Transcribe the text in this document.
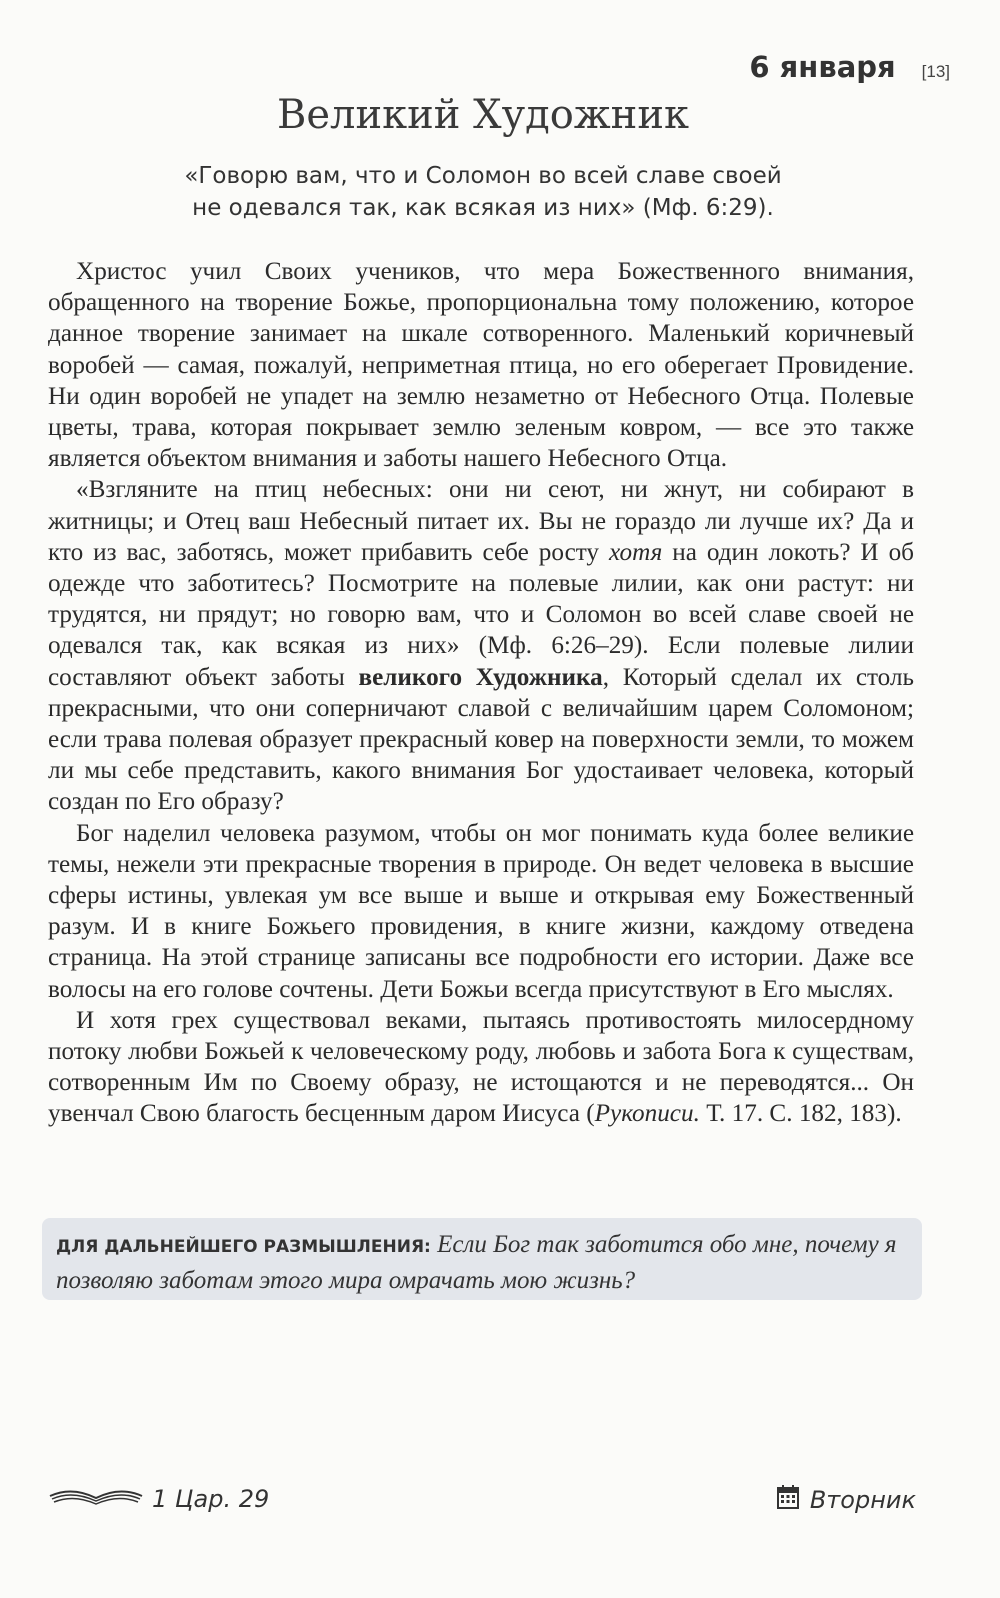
6 января [13]
Великий Художник
«Говорю вам, что и Соломон во всей славе своей
не одевался так, как всякая из них» (Мф. 6:29).

Христос учил Своих учеников, что мера Божественного внимания, обращенного на творение Божье, пропорциональна тому положению, которое данное творение занимает на шкале сотворенного. Маленький коричневый воробей — самая, пожалуй, неприметная птица, но его оберегает Провидение. Ни один воробей не упадет на землю незаметно от Небесного Отца. Полевые цветы, трава, которая покрывает землю зеленым ковром, — все это также является объектом внимания и заботы нашего Небесного Отца.

«Взгляните на птиц небесных: они ни сеют, ни жнут, ни собирают в житницы; и Отец ваш Небесный питает их. Вы не гораздо ли лучше их? Да и кто из вас, заботясь, может прибавить себе росту хотя на один локоть? И об одежде что заботитесь? Посмотрите на полевые лилии, как они растут: ни трудятся, ни прядут; но говорю вам, что и Соломон во всей славе своей не одевался так, как всякая из них» (Мф. 6:26–29). Если полевые лилии составляют объект заботы великого Художника, Который сделал их столь прекрасными, что они соперничают славой с величайшим царем Соломоном; если трава полевая образует прекрасный ковер на поверхности земли, то можем ли мы себе представить, какого внимания Бог удостаивает человека, который создан по Его образу?

Бог наделил человека разумом, чтобы он мог понимать куда более великие темы, нежели эти прекрасные творения в природе. Он ведет человека в высшие сферы истины, увлекая ум все выше и выше и открывая ему Божественный разум. И в книге Божьего провидения, в книге жизни, каждому отведена страница. На этой странице записаны все подробности его истории. Даже все волосы на его голове сочтены. Дети Божьи всегда присутствуют в Его мыслях.

И хотя грех существовал веками, пытаясь противостоять милосердному потоку любви Божьей к человеческому роду, любовь и забота Бога к существам, сотворенным Им по Своему образу, не истощаются и не переводятся... Он увенчал Свою благость бесценным даром Иисуса (Рукописи. Т. 17. С. 182, 183).

ДЛЯ ДАЛЬНЕЙШЕГО РАЗМЫШЛЕНИЯ: Если Бог так заботится обо мне, почему я позволяю заботам этого мира омрачать мою жизнь?
1 Цар. 29	Вторник
